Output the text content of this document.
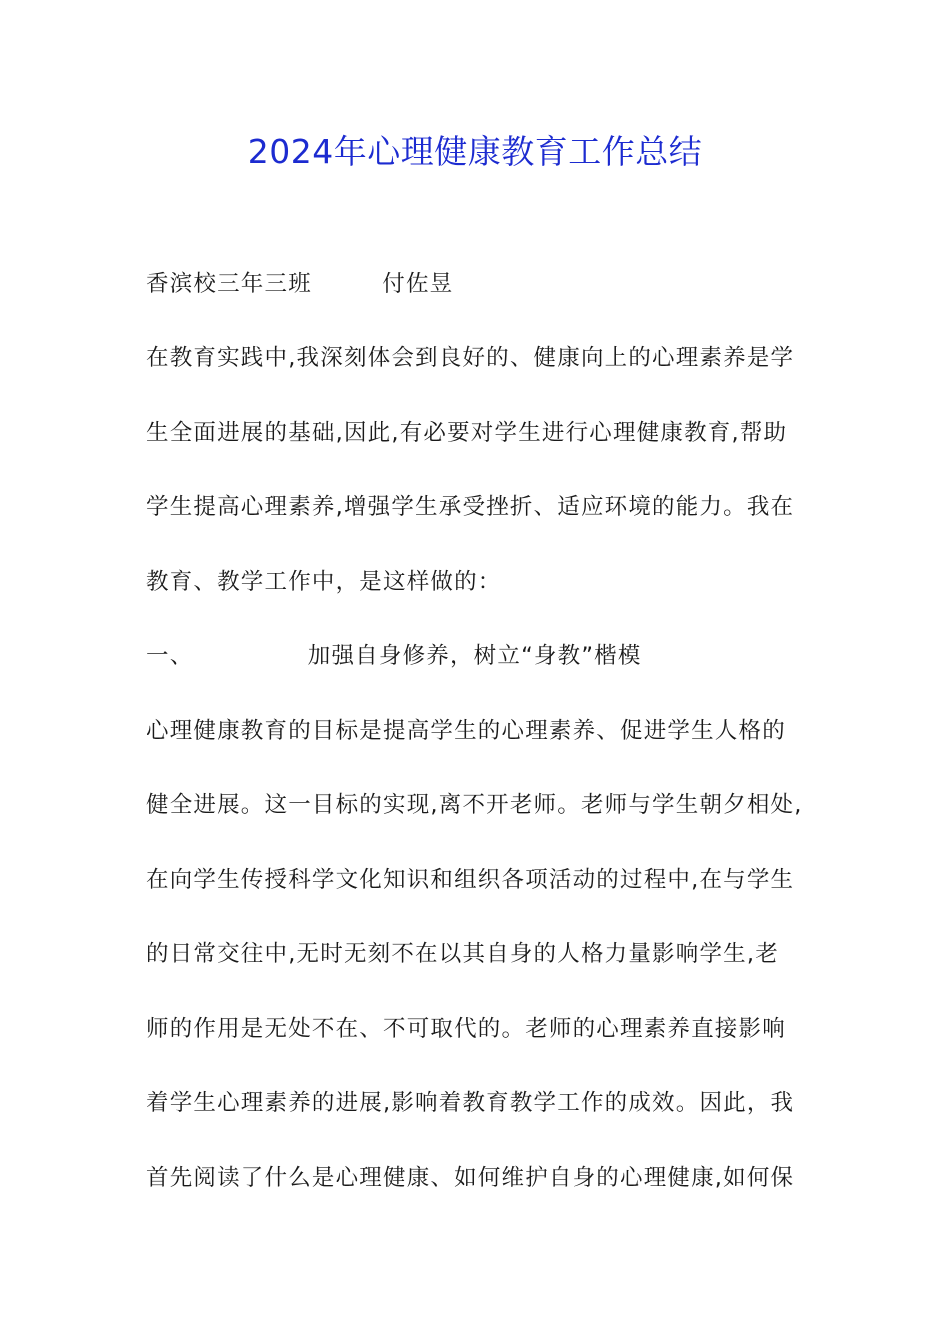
2024年心理健康教育工作总结
香滨校三年三班	付佐昱
在教育实践中,我深刻体会到良好的、健康向上的心理素养是学
生全面进展的基础,因此,有必要对学生进行心理健康教育,帮助
学生提高心理素养,增强学生承受挫折、适应环境的能力。我在
教育、教学工作中，是这样做的：
一、	加强自身修养，树立“身教”楷模
心理健康教育的目标是提高学生的心理素养、促进学生人格的
健全进展。这一目标的实现,离不开老师。老师与学生朝夕相处,
在向学生传授科学文化知识和组织各项活动的过程中,在与学生
的日常交往中,无时无刻不在以其自身的人格力量影响学生,老
师的作用是无处不在、不可取代的。老师的心理素养直接影响
着学生心理素养的进展,影响着教育教学工作的成效。因此，我
首先阅读了什么是心理健康、如何维护自身的心理健康,如何保
